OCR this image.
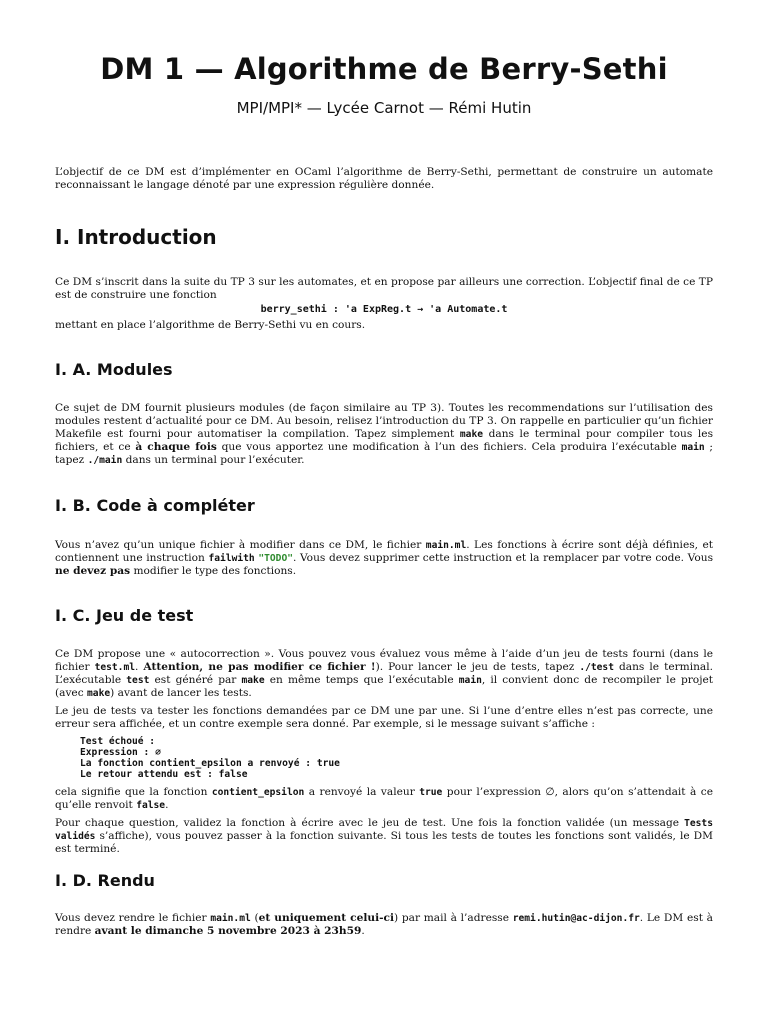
DM 1 — Algorithme de Berry-Sethi
MPI/MPI* — Lycée Carnot — Rémi Hutin

L’objectif de ce DM est d’implémenter en OCaml l’algorithme de Berry-Sethi, permettant de construire un automate reconnaissant le langage dénoté par une expression régulière donnée.

I. Introduction

Ce DM s’inscrit dans la suite du TP 3 sur les automates, et en propose par ailleurs une correction. L’objectif final de ce TP est de construire une fonction

berry_sethi : 'a ExpReg.t → 'a Automate.t

mettant en place l’algorithme de Berry-Sethi vu en cours.

I. A. Modules

Ce sujet de DM fournit plusieurs modules (de façon similaire au TP 3). Toutes les recommendations sur l’utilisation des modules restent d’actualité pour ce DM. Au besoin, relisez l’introduction du TP 3. On rappelle en particulier qu’un fichier Makefile est fourni pour automatiser la compilation. Tapez simplement make dans le terminal pour compiler tous les fichiers, et ce à chaque fois que vous apportez une modification à l’un des fichiers. Cela produira l’exécutable main ; tapez ./main dans un terminal pour l’exécuter.

I. B. Code à compléter

Vous n’avez qu’un unique fichier à modifier dans ce DM, le fichier main.ml. Les fonctions à écrire sont déjà définies, et contiennent une instruction failwith "TODO". Vous devez supprimer cette instruction et la remplacer par votre code. Vous ne devez pas modifier le type des fonctions.

I. C. Jeu de test

Ce DM propose une « autocorrection ». Vous pouvez vous évaluez vous même à l’aide d’un jeu de tests fourni (dans le fichier test.ml. Attention, ne pas modifier ce fichier !). Pour lancer le jeu de tests, tapez ./test dans le terminal. L’exécutable test est généré par make en même temps que l’exécutable main, il convient donc de recompiler le projet (avec make) avant de lancer les tests.

Le jeu de tests va tester les fonctions demandées par ce DM une par une. Si l’une d’entre elles n’est pas correcte, une erreur sera affichée, et un contre exemple sera donné. Par exemple, si le message suivant s’affiche :

Test échoué :
Expression : ∅
La fonction contient_epsilon a renvoyé : true
Le retour attendu est : false

cela signifie que la fonction contient_epsilon a renvoyé la valeur true pour l’expression ∅, alors qu’on s’attendait à ce qu’elle renvoit false.

Pour chaque question, validez la fonction à écrire avec le jeu de test. Une fois la fonction validée (un message Tests validés s’affiche), vous pouvez passer à la fonction suivante. Si tous les tests de toutes les fonctions sont validés, le DM est terminé.

I. D. Rendu

Vous devez rendre le fichier main.ml (et uniquement celui-ci) par mail à l’adresse remi.hutin@ac-dijon.fr. Le DM est à rendre avant le dimanche 5 novembre 2023 à 23h59.
